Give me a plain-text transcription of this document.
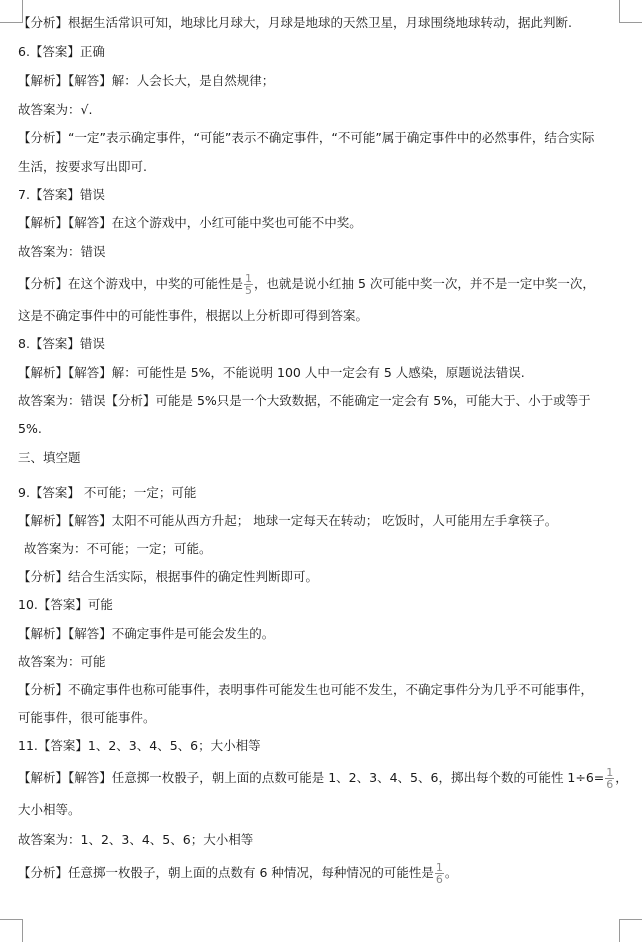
【分析】根据生活常识可知，地球比月球大，月球是地球的天然卫星，月球围绕地球转动，据此判断.
6.【答案】正确
【解析】【解答】解：人会长大，是自然规律；
故答案为：√.
【分析】“一定”表示确定事件，“可能”表示不确定事件，“不可能”属于确定事件中的必然事件，结合实际
生活，按要求写出即可.
7.【答案】错误
【解析】【解答】在这个游戏中，小红可能中奖也可能不中奖。
故答案为：错误
【分析】在这个游戏中，中奖的可能性是 $\frac{1}{5}$ ，也就是说小红抽 5 次可能中奖一次，并不是一定中奖一次，
这是不确定事件中的可能性事件，根据以上分析即可得到答案。
8.【答案】错误
【解析】【解答】解：可能性是 5%，不能说明 100 人中一定会有 5 人感染，原题说法错误.
故答案为：错误【分析】可能是 5%只是一个大致数据，不能确定一定会有 5%，可能大于、小于或等于
5%.
三、填空题
9.【答案】 不可能；一定；可能
【解析】【解答】太阳不可能从西方升起； 地球一定每天在转动； 吃饭时，人可能用左手拿筷子。
故答案为：不可能；一定；可能。
【分析】结合生活实际，根据事件的确定性判断即可。
10.【答案】可能
【解析】【解答】不确定事件是可能会发生的。
故答案为：可能
【分析】不确定事件也称可能事件，表明事件可能发生也可能不发生，不确定事件分为几乎不可能事件，
可能事件，很可能事件。
11.【答案】1、2、3、4、5、6；大小相等
【解析】【解答】任意掷一枚骰子，朝上面的点数可能是 1、2、3、4、5、6，掷出每个数的可能性 $1\div 6= \frac{1}{6}$ ，
大小相等。
故答案为：1、2、3、4、5、6；大小相等
【分析】任意掷一枚骰子，朝上面的点数有 6 种情况，每种情况的可能性是 $\frac{1}{6}$ 。
